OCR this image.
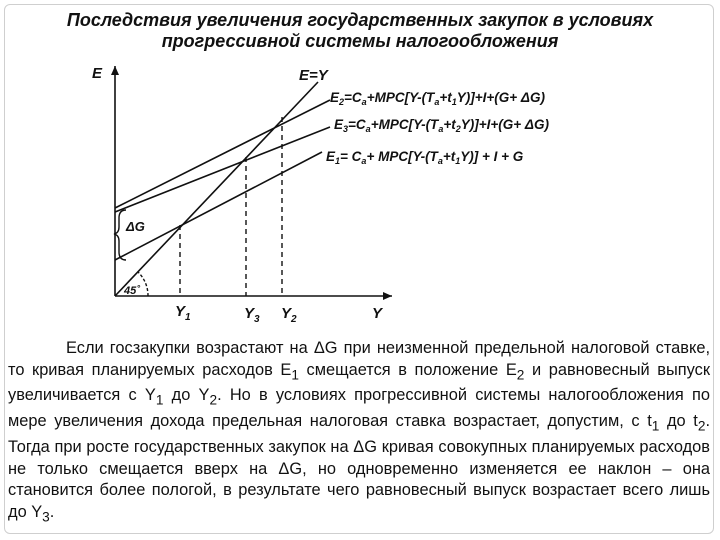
Последствия увеличения государственных закупок в условиях
прогрессивной системы налогообложения
E	E=Y
$E_2=C_a+MPC[Y-(T_a+t_1Y)]+I+(G+ \Delta G)$
$E_3=C_a+MPC[Y-(T_a+t_2Y)]+I+(G+ \Delta G)$
$E_1= C_a+ MPC[Y-(T_a+t_1Y)] + I + G$
ΔG
45˚
$Y_1$	$Y_3$ $Y_2$	Y

Если госзакупки возрастают на ΔG при неизменной предельной налоговой ставке, то кривая планируемых расходов $E_1$ смещается в положение $E_2$ и равновесный выпуск увеличивается с $Y_1$ до $Y_2$. Но в условиях прогрессивной системы налогообложения по мере увеличения дохода предельная налоговая ставка возрастает, допустим, с $t_1$ до $t_2$. Тогда при росте государственных закупок на ΔG кривая совокупных планируемых расходов не только смещается вверх на ΔG, но одновременно изменяется ее наклон – она становится более пологой, в результате чего равновесный выпуск возрастает всего лишь до $Y_3$.
